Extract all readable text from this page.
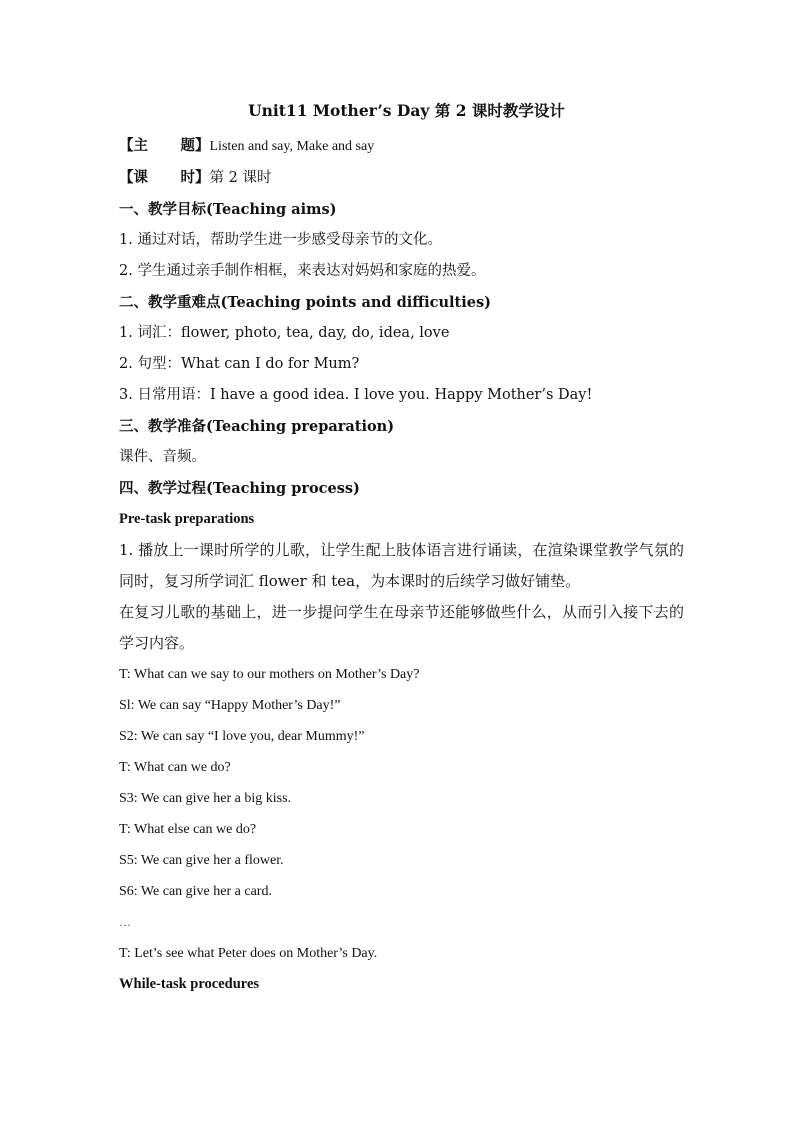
Unit11 Mother’s Day 第 2 课时教学设计
【主 题】Listen and say, Make and say
【课 时】第 2 课时
一、教学目标(Teaching aims)
1. 通过对话，帮助学生进一步感受母亲节的文化。
2. 学生通过亲手制作相框，来表达对妈妈和家庭的热爱。
二、教学重难点(Teaching points and difficulties)
1. 词汇：flower, photo, tea, day, do, idea, love
2. 句型：What can I do for Mum?
3. 日常用语：I have a good idea. I love you. Happy Mother’s Day!
三、教学准备(Teaching preparation)
课件、音频。
四、教学过程(Teaching process)
Pre-task preparations
1. 播放上一课时所学的儿歌，让学生配上肢体语言进行诵读，在渲染课堂教学气氛的同时，复习所学词汇 flower 和 tea，为本课时的后续学习做好铺垫。
在复习儿歌的基础上，进一步提问学生在母亲节还能够做些什么，从而引入接下去的学习内容。
T: What can we say to our mothers on Mother’s Day?
Sl: We can say “Happy Mother’s Day!”
S2: We can say “I love you, dear Mummy!”
T: What can we do?
S3: We can give her a big kiss.
T: What else can we do?
S5: We can give her a flower.
S6: We can give her a card.
…
T: Let’s see what Peter does on Mother’s Day.
While-task procedures
